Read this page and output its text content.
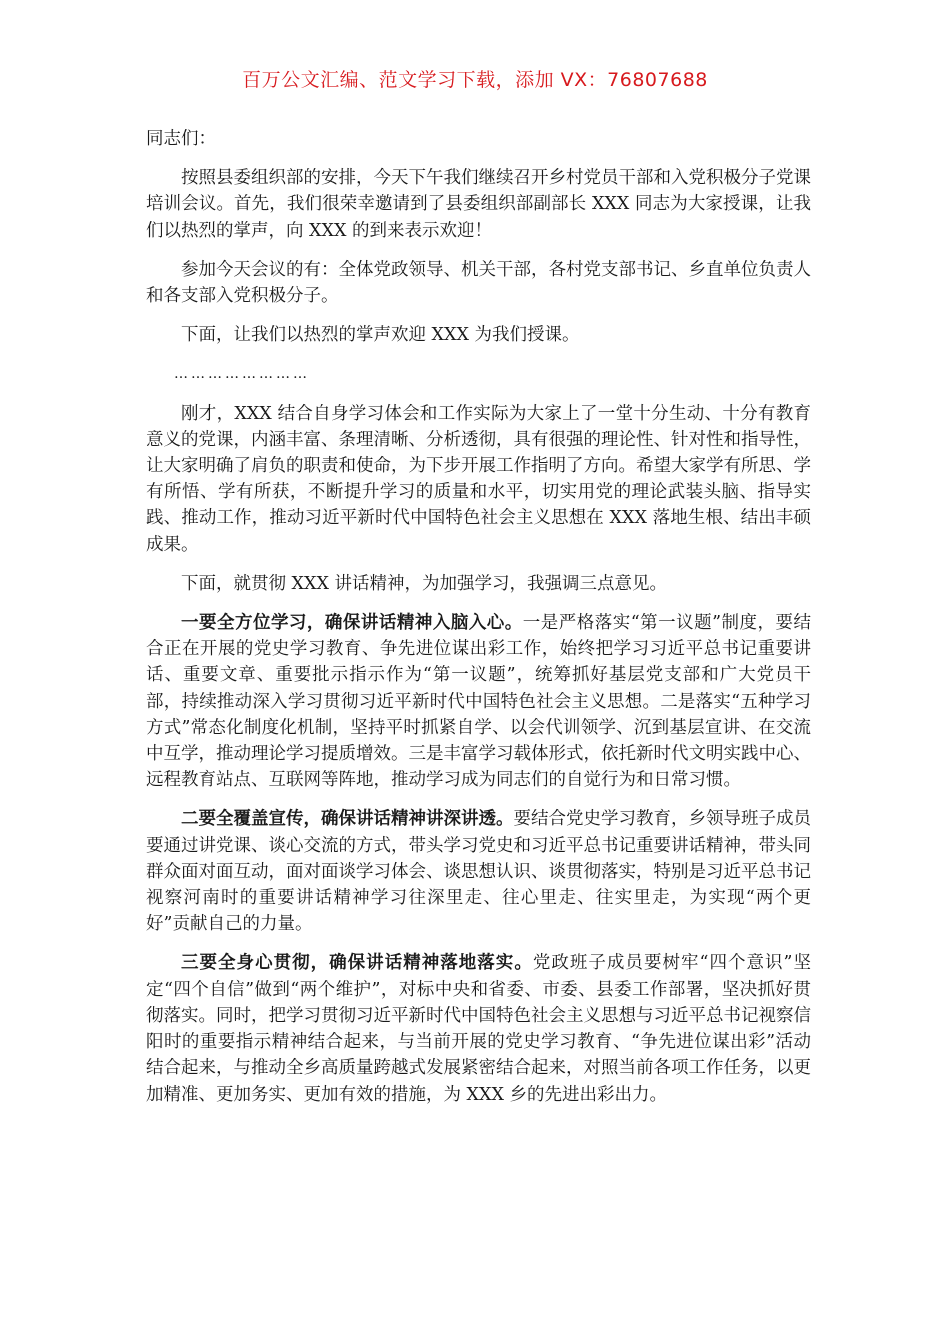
百万公文汇编、范文学习下载，添加 VX：76807688

同志们：

按照县委组织部的安排，今天下午我们继续召开乡村党员干部和入党积极分子党课培训会议。首先，我们很荣幸邀请到了县委组织部副部长 XXX 同志为大家授课，让我们以热烈的掌声，向 XXX 的到来表示欢迎！

参加今天会议的有：全体党政领导、机关干部，各村党支部书记、乡直单位负责人和各支部入党积极分子。

下面，让我们以热烈的掌声欢迎 XXX 为我们授课。

……………………

刚才，XXX 结合自身学习体会和工作实际为大家上了一堂十分生动、十分有教育意义的党课，内涵丰富、条理清晰、分析透彻，具有很强的理论性、针对性和指导性，让大家明确了肩负的职责和使命，为下步开展工作指明了方向。希望大家学有所思、学有所悟、学有所获，不断提升学习的质量和水平，切实用党的理论武装头脑、指导实践、推动工作，推动习近平新时代中国特色社会主义思想在 XXX 落地生根、结出丰硕成果。

下面，就贯彻 XXX 讲话精神，为加强学习，我强调三点意见。

一要全方位学习，确保讲话精神入脑入心。一是严格落实“第一议题”制度，要结合正在开展的党史学习教育、争先进位谋出彩工作，始终把学习习近平总书记重要讲话、重要文章、重要批示指示作为“第一议题”，统筹抓好基层党支部和广大党员干部，持续推动深入学习贯彻习近平新时代中国特色社会主义思想。二是落实“五种学习方式”常态化制度化机制，坚持平时抓紧自学、以会代训领学、沉到基层宣讲、在交流中互学，推动理论学习提质增效。三是丰富学习载体形式，依托新时代文明实践中心、远程教育站点、互联网等阵地，推动学习成为同志们的自觉行为和日常习惯。

二要全覆盖宣传，确保讲话精神讲深讲透。要结合党史学习教育，乡领导班子成员要通过讲党课、谈心交流的方式，带头学习党史和习近平总书记重要讲话精神，带头同群众面对面互动，面对面谈学习体会、谈思想认识、谈贯彻落实，特别是习近平总书记视察河南时的重要讲话精神学习往深里走、往心里走、往实里走，为实现“两个更好”贡献自己的力量。

三要全身心贯彻，确保讲话精神落地落实。党政班子成员要树牢“四个意识”坚定“四个自信”做到“两个维护”，对标中央和省委、市委、县委工作部署，坚决抓好贯彻落实。同时，把学习贯彻习近平新时代中国特色社会主义思想与习近平总书记视察信阳时的重要指示精神结合起来，与当前开展的党史学习教育、“争先进位谋出彩”活动结合起来，与推动全乡高质量跨越式发展紧密结合起来，对照当前各项工作任务，以更加精准、更加务实、更加有效的措施，为 XXX 乡的先进出彩出力。
